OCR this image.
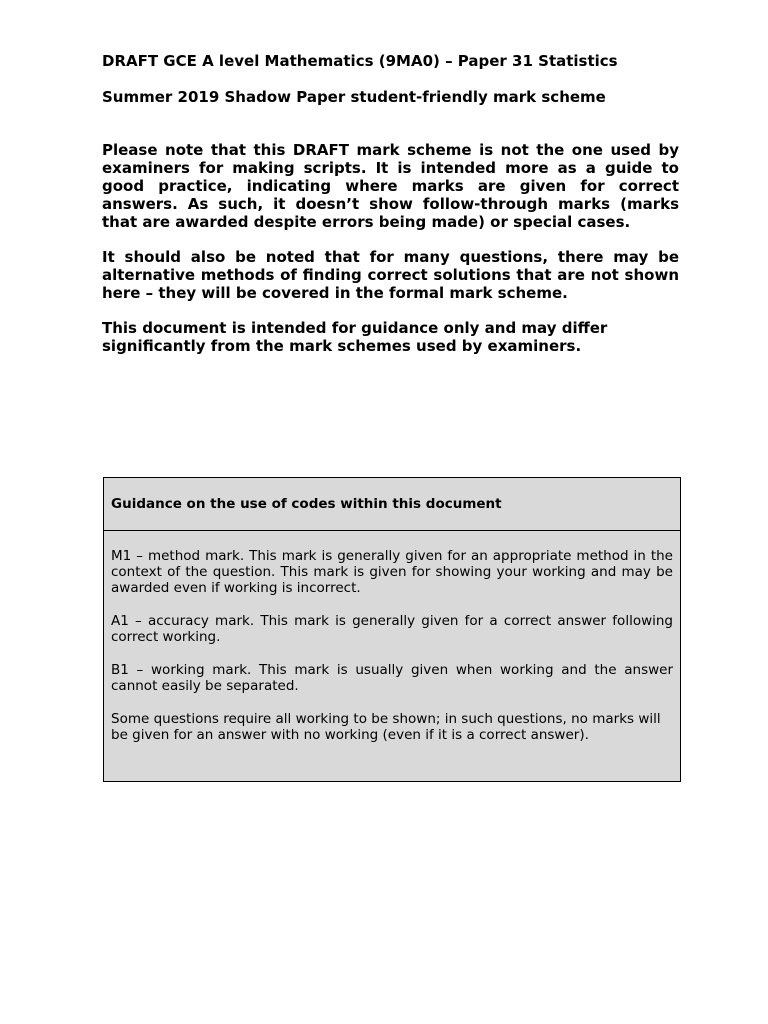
DRAFT GCE A level Mathematics (9MA0) – Paper 31 Statistics

Summer 2019 Shadow Paper student-friendly mark scheme

Please note that this DRAFT mark scheme is not the one used by examiners for making scripts. It is intended more as a guide to good practice, indicating where marks are given for correct answers. As such, it doesn’t show follow-through marks (marks that are awarded despite errors being made) or special cases.

It should also be noted that for many questions, there may be alternative methods of finding correct solutions that are not shown here – they will be covered in the formal mark scheme.

This document is intended for guidance only and may differ significantly from the mark schemes used by examiners.

Guidance on the use of codes within this document

M1 – method mark. This mark is generally given for an appropriate method in the context of the question. This mark is given for showing your working and may be awarded even if working is incorrect.

A1 – accuracy mark. This mark is generally given for a correct answer following correct working.

B1 – working mark. This mark is usually given when working and the answer cannot easily be separated.

Some questions require all working to be shown; in such questions, no marks will be given for an answer with no working (even if it is a correct answer).
